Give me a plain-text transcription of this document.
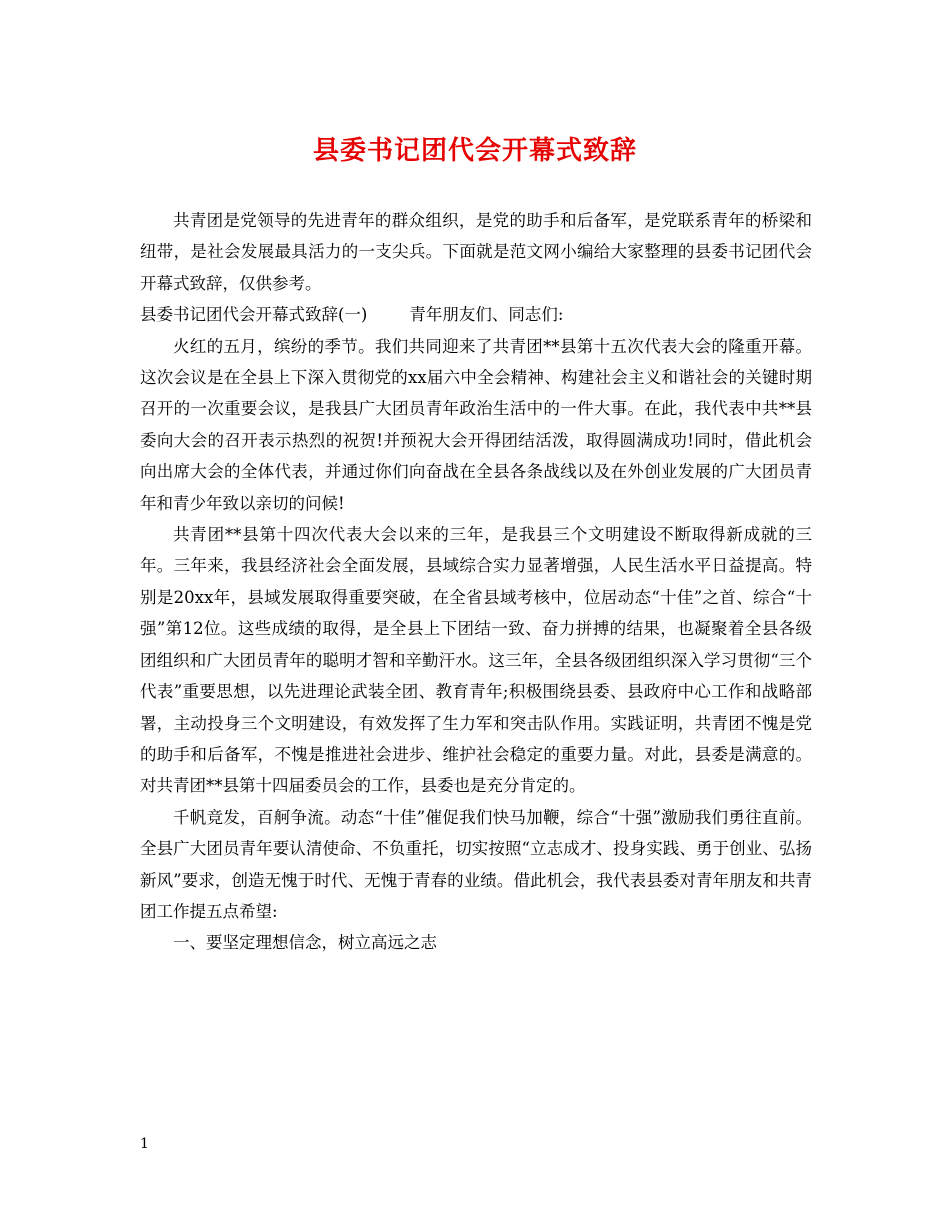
县委书记团代会开幕式致辞

共青团是党领导的先进青年的群众组织，是党的助手和后备军，是党联系青年的桥梁和纽带，是社会发展最具活力的一支尖兵。下面就是范文网小编给大家整理的县委书记团代会开幕式致辞，仅供参考。

县委书记团代会开幕式致辞(一)	青年朋友们、同志们:

火红的五月，缤纷的季节。我们共同迎来了共青团**县第十五次代表大会的隆重开幕。这次会议是在全县上下深入贯彻党的xx届六中全会精神、构建社会主义和谐社会的关键时期召开的一次重要会议，是我县广大团员青年政治生活中的一件大事。在此，我代表中共**县委向大会的召开表示热烈的祝贺!并预祝大会开得团结活泼，取得圆满成功!同时，借此机会向出席大会的全体代表，并通过你们向奋战在全县各条战线以及在外创业发展的广大团员青年和青少年致以亲切的问候!

共青团**县第十四次代表大会以来的三年，是我县三个文明建设不断取得新成就的三年。三年来，我县经济社会全面发展，县域综合实力显著增强，人民生活水平日益提高。特别是20xx年，县域发展取得重要突破，在全省县域考核中，位居动态“十佳”之首、综合“十强”第12位。这些成绩的取得，是全县上下团结一致、奋力拼搏的结果，也凝聚着全县各级团组织和广大团员青年的聪明才智和辛勤汗水。这三年，全县各级团组织深入学习贯彻“三个代表”重要思想，以先进理论武装全团、教育青年;积极围绕县委、县政府中心工作和战略部署，主动投身三个文明建设，有效发挥了生力军和突击队作用。实践证明，共青团不愧是党的助手和后备军，不愧是推进社会进步、维护社会稳定的重要力量。对此，县委是满意的。对共青团**县第十四届委员会的工作，县委也是充分肯定的。

千帆竞发，百舸争流。动态“十佳”催促我们快马加鞭，综合“十强”激励我们勇往直前。全县广大团员青年要认清使命、不负重托，切实按照“立志成才、投身实践、勇于创业、弘扬新风”要求，创造无愧于时代、无愧于青春的业绩。借此机会，我代表县委对青年朋友和共青团工作提五点希望:

一、要坚定理想信念，树立高远之志

1
